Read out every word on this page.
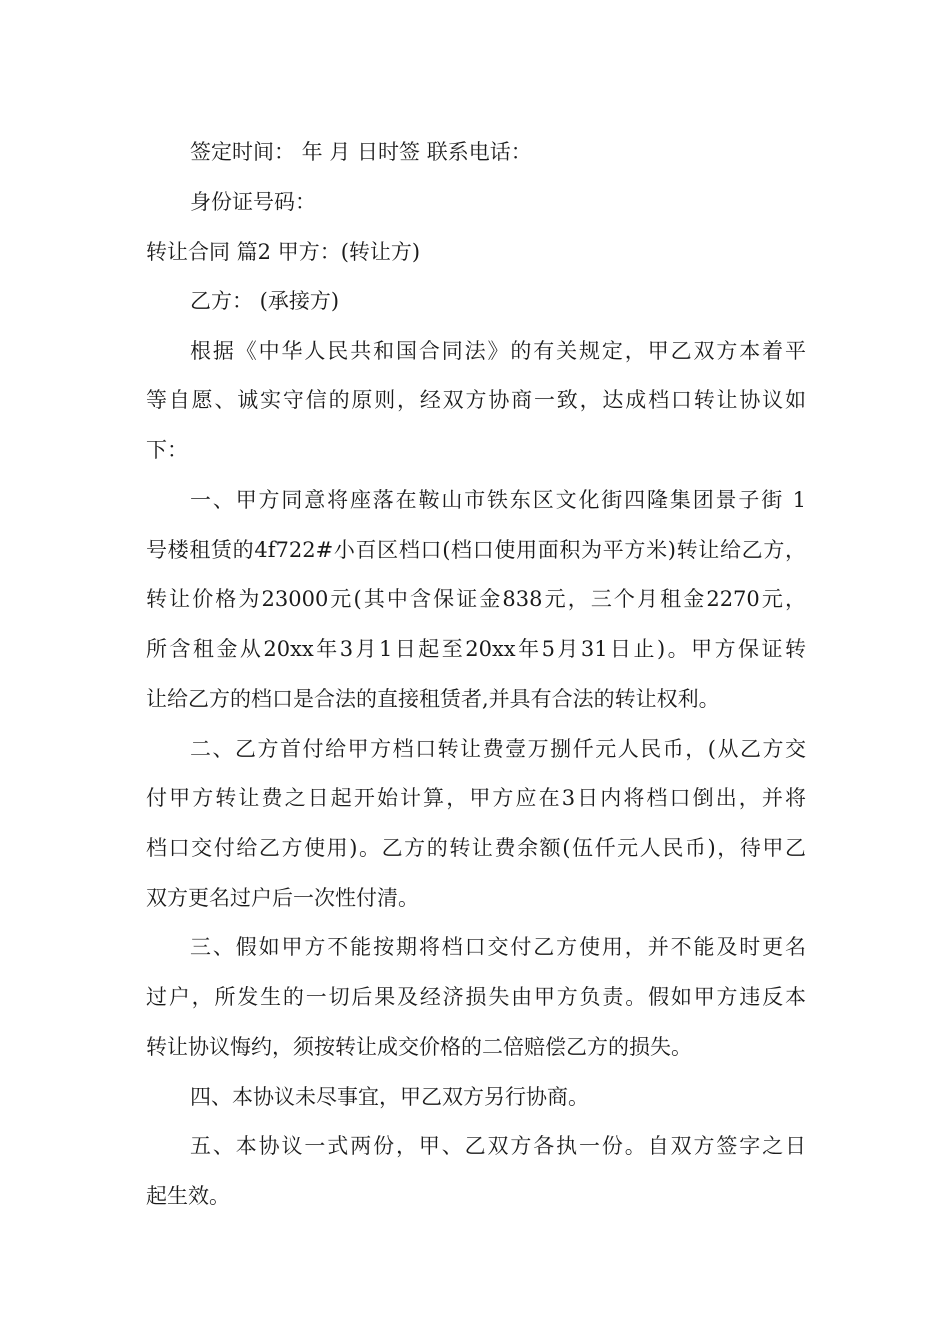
签定时间： 年 月 日时签 联系电话：
身份证号码：
转让合同 篇2 甲方：(转让方)
乙方： (承接方)
根据《中华人民共和国合同法》的有关规定，甲乙双方本着平
等自愿、诚实守信的原则，经双方协商一致，达成档口转让协议如
下：
一、甲方同意将座落在鞍山市铁东区文化街四隆集团景子街 1
号楼租赁的4f722#小百区档口(档口使用面积为平方米)转让给乙方，
转让价格为23000元(其中含保证金838元，三个月租金2270元，
所含租金从20xx年3月1日起至20xx年5月31日止)。甲方保证转
让给乙方的档口是合法的直接租赁者,并具有合法的转让权利。
二、乙方首付给甲方档口转让费壹万捌仟元人民币，(从乙方交
付甲方转让费之日起开始计算，甲方应在3日内将档口倒出，并将
档口交付给乙方使用)。乙方的转让费余额(伍仟元人民币)，待甲乙
双方更名过户后一次性付清。
三、假如甲方不能按期将档口交付乙方使用，并不能及时更名
过户，所发生的一切后果及经济损失由甲方负责。假如甲方违反本
转让协议悔约，须按转让成交价格的二倍赔偿乙方的损失。
四、本协议未尽事宜，甲乙双方另行协商。
五、本协议一式两份，甲、乙双方各执一份。自双方签字之日
起生效。
